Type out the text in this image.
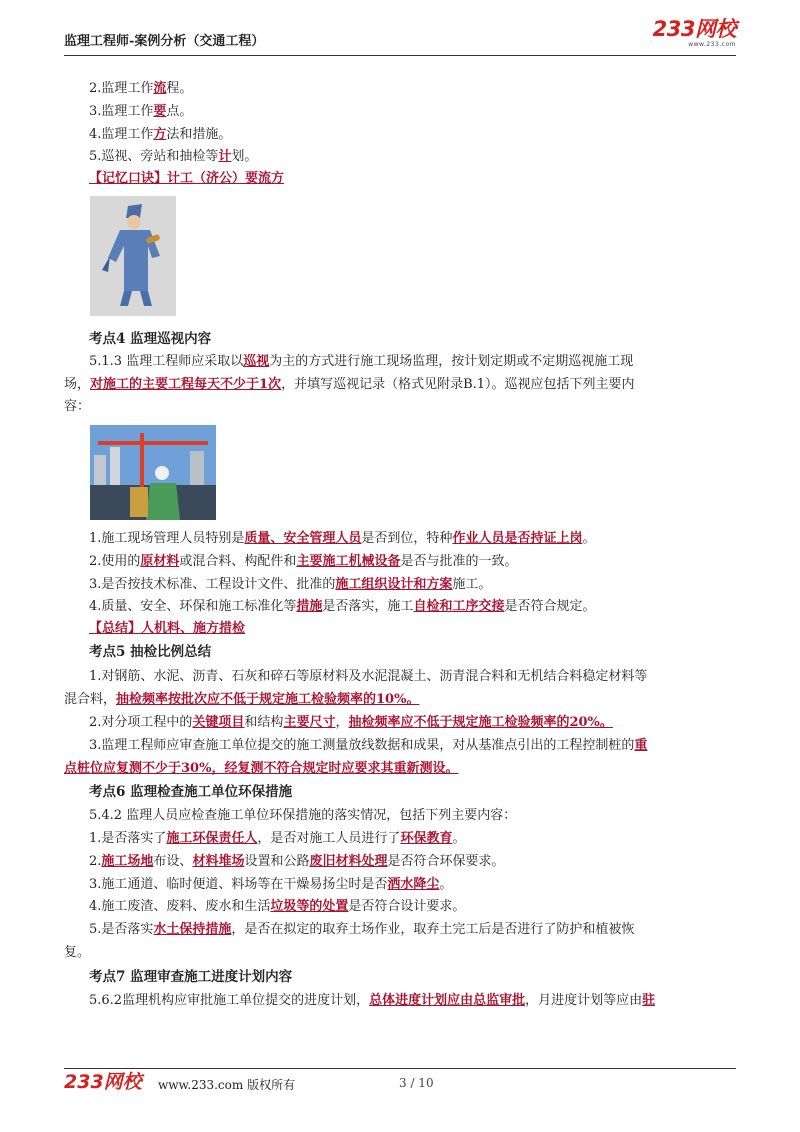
监理工程师-案例分析（交通工程）
233网校
www.233.com
2.监理工作流程。
3.监理工作要点。
4.监理工作方法和措施。
5.巡视、旁站和抽检等计划。
【记忆口诀】计工（济公）要流方
考点4 监理巡视内容
5.1.3 监理工程师应采取以巡视为主的方式进行施工现场监理，按计划定期或不定期巡视施工现
场，对施工的主要工程每天不少于1次，并填写巡视记录（格式见附录B.1）。巡视应包括下列主要内
容：
1.施工现场管理人员特别是质量、安全管理人员是否到位，特种作业人员是否持证上岗。
2.使用的原材料或混合料、构配件和主要施工机械设备是否与批准的一致。
3.是否按技术标准、工程设计文件、批准的施工组织设计和方案施工。
4.质量、安全、环保和施工标准化等措施是否落实，施工自检和工序交接是否符合规定。
【总结】人机料、施方措检
考点5 抽检比例总结
1.对钢筋、水泥、沥青、石灰和碎石等原材料及水泥混凝土、沥青混合料和无机结合料稳定材料等
混合料，抽检频率按批次应不低于规定施工检验频率的10%。
2.对分项工程中的关键项目和结构主要尺寸，抽检频率应不低于规定施工检验频率的20%。
3.监理工程师应审查施工单位提交的施工测量放线数据和成果，对从基准点引出的工程控制桩的重
点桩位应复测不少于30%，经复测不符合规定时应要求其重新测设。
考点6 监理检查施工单位环保措施
5.4.2 监理人员应检查施工单位环保措施的落实情况，包括下列主要内容：
1.是否落实了施工环保责任人，是否对施工人员进行了环保教育。
2.施工场地布设、材料堆场设置和公路废旧材料处理是否符合环保要求。
3.施工通道、临时便道、料场等在干燥易扬尘时是否洒水降尘。
4.施工废渣、废料、废水和生活垃圾等的处置是否符合设计要求。
5.是否落实水土保持措施，是否在拟定的取弃土场作业，取弃土完工后是否进行了防护和植被恢
复。
考点7 监理审查施工进度计划内容
5.6.2监理机构应审批施工单位提交的进度计划，总体进度计划应由总监审批，月进度计划等应由驻
233网校 www.233.com 版权所有	3 / 10
